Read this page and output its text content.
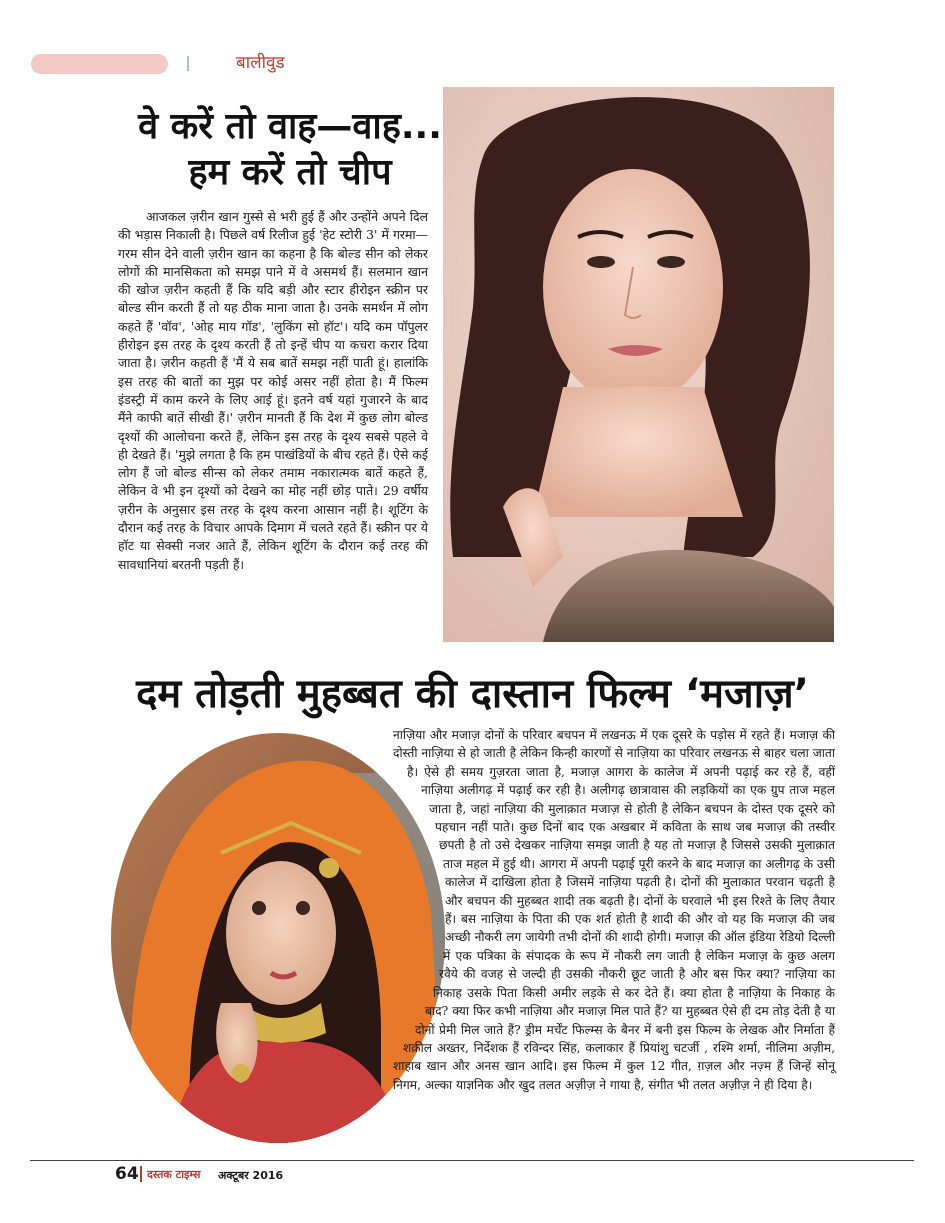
बालीवुड
वे करें तो वाह—वाह...
हम करें तो चीप

आजकल ज़रीन खान गुस्से से भरी हुई हैं और उन्होंने अपने दिल की भड़ास निकाली है। पिछले वर्ष रिलीज हुई 'हेट स्टोरी 3' में गरमा—गरम सीन देने वाली ज़रीन खान का कहना है कि बोल्ड सीन को लेकर लोगों की मानसिकता को समझ पाने में वे असमर्थ हैं। सलमान खान की खोज ज़रीन कहती हैं कि यदि बड़ी और स्टार हीरोइन स्क्रीन पर बोल्ड सीन करती हैं तो यह ठीक माना जाता है। उनके समर्थन में लोग कहते हैं 'वॉव', 'ओह माय गॉड', 'लुकिंग सो हॉट'। यदि कम पॉपुलर हीरोइन इस तरह के दृश्य करती हैं तो इन्हें चीप या कचरा करार दिया जाता है। ज़रीन कहती हैं 'मैं ये सब बातें समझ नहीं पाती हूं। हालांकि इस तरह की बातों का मुझ पर कोई असर नहीं होता है। मैं फिल्म इंडस्ट्री में काम करने के लिए आई हूं। इतने वर्ष यहां गुजारने के बाद मैंने काफी बातें सीखी हैं।' ज़रीन मानती हैं कि देश में कुछ लोग बोल्ड दृश्यों की आलोचना करते हैं, लेकिन इस तरह के दृश्य सबसे पहले वे ही देखते हैं। 'मुझे लगता है कि हम पाखंडियों के बीच रहते हैं। ऐसे कई लोग हैं जो बोल्ड सीन्स को लेकर तमाम नकारात्मक बातें कहते हैं, लेकिन वे भी इन दृश्यों को देखने का मोह नहीं छोड़ पाते। 29 वर्षीय ज़रीन के अनुसार इस तरह के दृश्य करना आसान नहीं है। शूटिंग के दौरान कई तरह के विचार आपके दिमाग में चलते रहते हैं। स्क्रीन पर ये हॉट या सेक्सी नजर आते हैं, लेकिन शूटिंग के दौरान कई तरह की सावधानियां बरतनी पड़ती हैं।

दम तोड़ती मुहब्बत की दास्तान फिल्म ‘मजाज़’
नाज़िया और मजाज़ दोनों के परिवार बचपन में लखनऊ में एक दूसरे के पड़ोस में रहते हैं। मजाज़ की दोस्ती नाज़िया से हो जाती है लेकिन किन्ही कारणों से नाज़िया का परिवार लखनऊ से बाहर चला जाता है। ऐसे ही समय गुज़रता जाता है, मजाज़ आगरा के कालेज में अपनी पढ़ाई कर रहे हैं, वहीं नाज़िया अलीगढ़ में पढ़ाई कर रही है। अलीगढ़ छात्रावास की लड़कियों का एक ग्रुप ताज महल जाता है, जहां नाज़िया की मुलाक़ात मजाज़ से होती है लेकिन बचपन के दोस्त एक दूसरे को पहचान नहीं पाते। कुछ दिनों बाद एक अखबार में कविता के साथ जब मजाज़ की तस्वीर छपती है तो उसे देखकर नाज़िया समझ जाती है यह तो मजाज़ है जिससे उसकी मुलाक़ात ताज महल में हुई थी। आगरा में अपनी पढ़ाई पूरी करने के बाद मजाज़ का अलीगढ़ के उसी कालेज में दाखिला होता है जिसमें नाज़िया पढ़ती है। दोनों की मुलाकात परवान चढ़ती है और बचपन की मुहब्बत शादी तक बढ़ती है। दोनों के घरवाले भी इस रिश्ते के लिए तैयार हैं। बस नाज़िया के पिता की एक शर्त होती है शादी की और वो यह कि मजाज़ की जब अच्छी नौकरी लग जायेगी तभी दोनों की शादी होगी। मजाज़ की ऑल इंडिया रेडियो दिल्ली में एक पत्रिका के संपादक के रूप में नौकरी लग जाती है लेकिन मजाज़ के कुछ अलग रवैये की वजह से जल्दी ही उसकी नौकरी छूट जाती है और बस फिर क्या? नाज़िया का निकाह उसके पिता किसी अमीर लड़के से कर देते हैं। क्या होता है नाज़िया के निकाह के बाद? क्या फिर कभी नाज़िया और मजाज़ मिल पाते हैं? या मुहब्बत ऐसे ही दम तोड़ देती है या दोनों प्रेमी मिल जाते हैं? ड्रीम मर्चेंट फिल्म्स के बैनर में बनी इस फिल्म के लेखक और निर्माता हैं शक़ील अख्तर, निर्देशक हैं रविन्दर सिंह, कलाकार हैं प्रियांशु चटर्जी , रश्मि शर्मा, नीलिमा अज़ीम, शाहाब खान और अनस खान आदि। इस फिल्म में कुल 12 गीत, ग़ज़ल और नज़्म हैं जिन्हें सोनू निगम, अल्का याज्ञनिक और खुद तलत अज़ीज़ ने गाया है, संगीत भी तलत अज़ीज़ ने ही दिया है।
64 दस्तक टाइम्स अक्टूबर 2016
